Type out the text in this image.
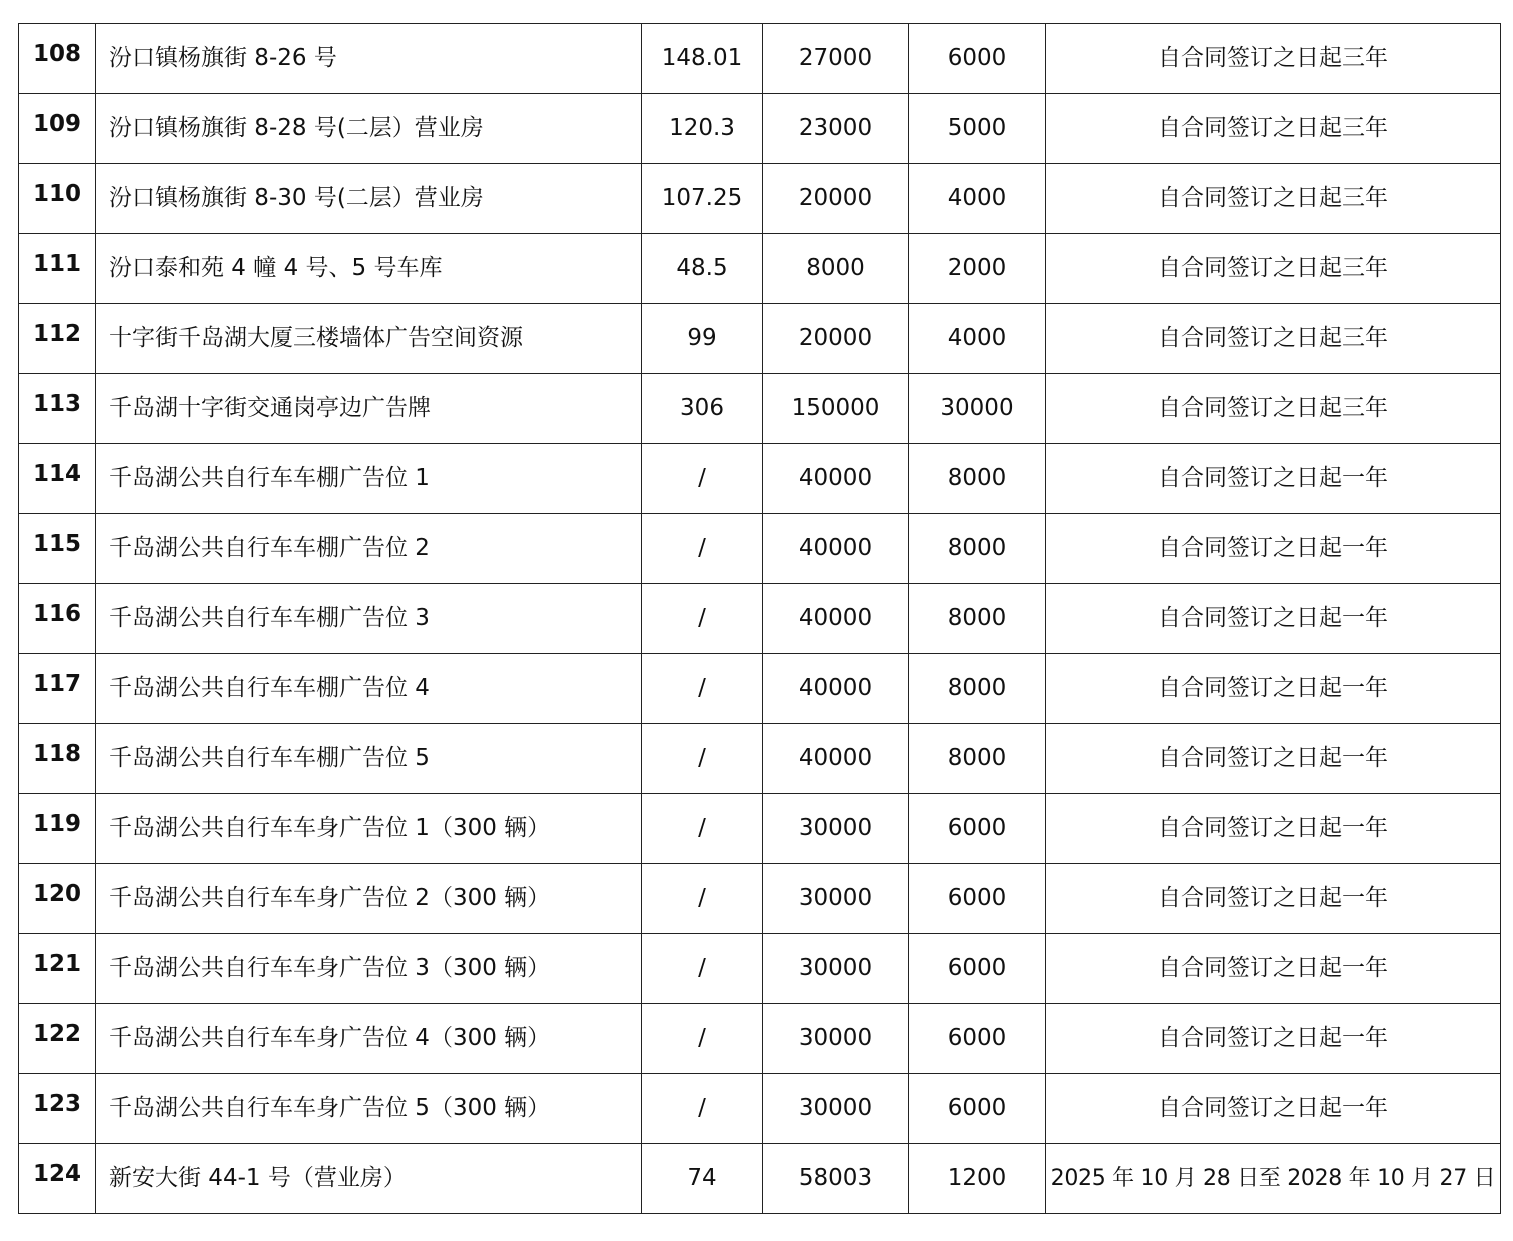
108	汾口镇杨旗街 8-26 号	148.01	27000	6000	自合同签订之日起三年
109	汾口镇杨旗街 8-28 号(二层）营业房	120.3	23000	5000	自合同签订之日起三年
110	汾口镇杨旗街 8-30 号(二层）营业房	107.25	20000	4000	自合同签订之日起三年
111	汾口泰和苑 4 幢 4 号、5 号车库	48.5	8000	2000	自合同签订之日起三年
112	十字街千岛湖大厦三楼墙体广告空间资源	99	20000	4000	自合同签订之日起三年
113	千岛湖十字街交通岗亭边广告牌	306	150000	30000	自合同签订之日起三年
114	千岛湖公共自行车车棚广告位 1	/	40000	8000	自合同签订之日起一年
115	千岛湖公共自行车车棚广告位 2	/	40000	8000	自合同签订之日起一年
116	千岛湖公共自行车车棚广告位 3	/	40000	8000	自合同签订之日起一年
117	千岛湖公共自行车车棚广告位 4	/	40000	8000	自合同签订之日起一年
118	千岛湖公共自行车车棚广告位 5	/	40000	8000	自合同签订之日起一年
119	千岛湖公共自行车车身广告位 1（300 辆）	/	30000	6000	自合同签订之日起一年
120	千岛湖公共自行车车身广告位 2（300 辆）	/	30000	6000	自合同签订之日起一年
121	千岛湖公共自行车车身广告位 3（300 辆）	/	30000	6000	自合同签订之日起一年
122	千岛湖公共自行车车身广告位 4（300 辆）	/	30000	6000	自合同签订之日起一年
123	千岛湖公共自行车车身广告位 5（300 辆）	/	30000	6000	自合同签订之日起一年
124	新安大街 44-1 号（营业房）	74	58003	1200	2025 年 10 月 28 日至 2028 年 10 月 27 日
